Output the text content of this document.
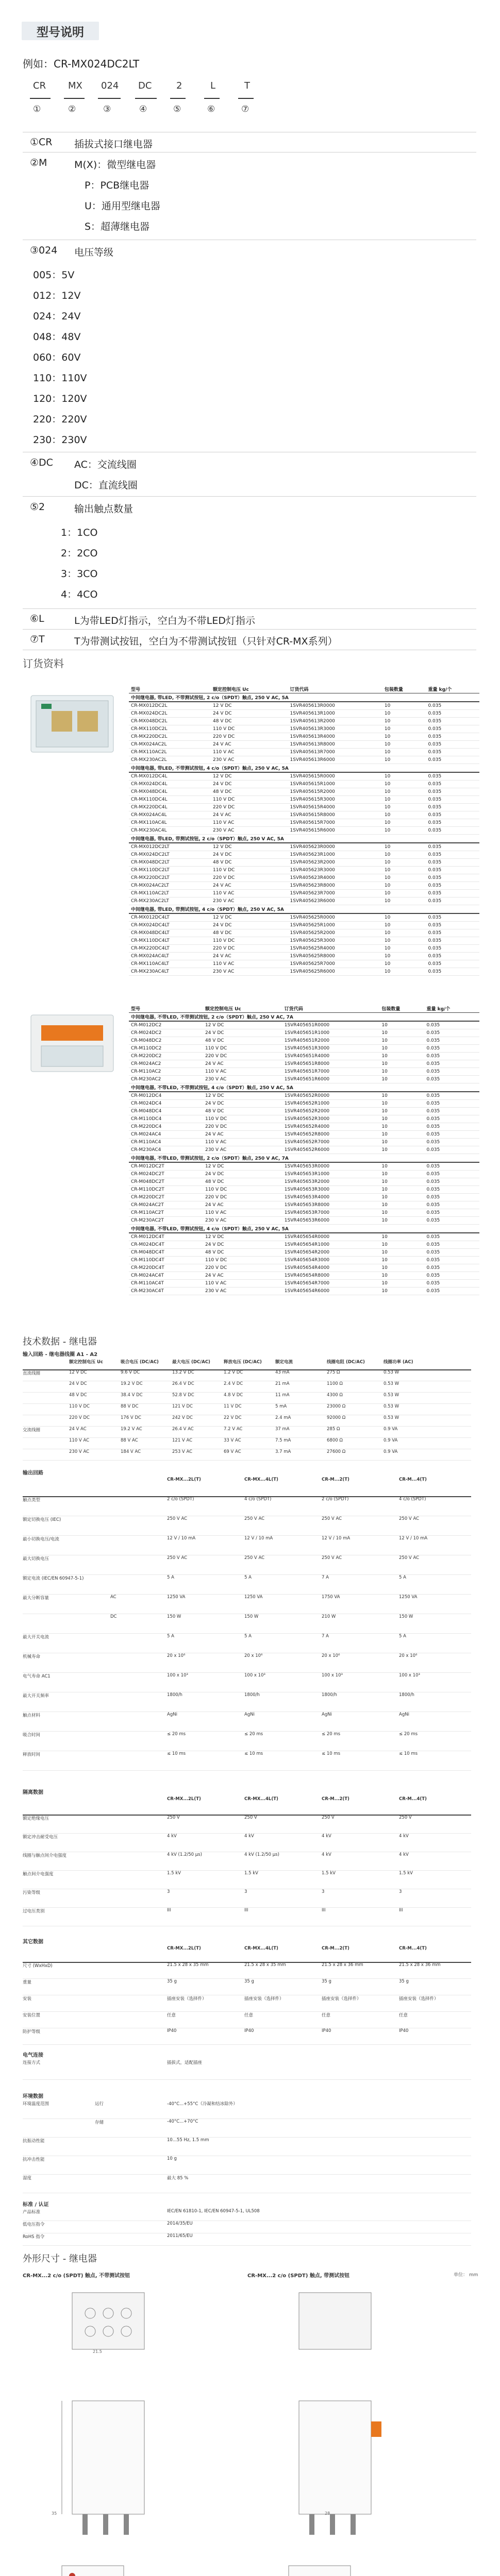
型号说明
例如：CR-MX024DC2LT
CR MX 024 DC	2	L	T
①	②	③	④	⑤	⑥	⑦
①CR 插拔式接口继电器
②M	M(X)：微型继电器
P：PCB继电器
U：通用型继电器
S：超薄继电器
③024 电压等级
005：5V
012：12V
024：24V
048：48V
060：60V
110：110V
120：120V
220：220V
230：230V
④DC AC：交流线圈
DC：直流线圈
⑤2	输出触点数量
1：1CO
2：2CO
3：3CO
4：4CO
⑥L	L为带LED灯指示，空白为不带LED灯指示
⑦T	T为带测试按钮，空白为不带测试按钮（只针对CR-MX系列）
订货资料
型号	额定控制电压 Uc	订货代码	包装数量	重量 kg/个
中间继电器, 带LED, 不带测试按钮, 2 c/o（SPDT）触点, 250 V AC, 5A				
CR-MX012DC2L	12 V DC	1SVR405613R0000	10	0.035
CR-MX024DC2L	24 V DC	1SVR405613R1000	10	0.035
CR-MX048DC2L	48 V DC	1SVR405613R2000	10	0.035
CR-MX110DC2L	110 V DC	1SVR405613R3000	10	0.035
CR-MX220DC2L	220 V DC	1SVR405613R4000	10	0.035
CR-MX024AC2L	24 V AC	1SVR405613R8000	10	0.035
CR-MX110AC2L	110 V AC	1SVR405613R7000	10	0.035
CR-MX230AC2L	230 V AC	1SVR405613R6000	10	0.035
中间继电器, 带LED, 不带测试按钮, 4 c/o（SPDT）触点, 250 V AC, 5A				
CR-MX012DC4L	12 V DC	1SVR405615R0000	10	0.035
CR-MX024DC4L	24 V DC	1SVR405615R1000	10	0.035
CR-MX048DC4L	48 V DC	1SVR405615R2000	10	0.035
CR-MX110DC4L	110 V DC	1SVR405615R3000	10	0.035
CR-MX220DC4L	220 V DC	1SVR405615R4000	10	0.035
CR-MX024AC4L	24 V AC	1SVR405615R8000	10	0.035
CR-MX110AC4L	110 V AC	1SVR405615R7000	10	0.035
CR-MX230AC4L	230 V AC	1SVR405615R6000	10	0.035
中间继电器, 带LED, 带测试按钮, 2 c/o（SPDT）触点, 250 V AC, 5A				
CR-MX012DC2LT	12 V DC	1SVR405623R0000	10	0.035
CR-MX024DC2LT	24 V DC	1SVR405623R1000	10	0.035
CR-MX048DC2LT	48 V DC	1SVR405623R2000	10	0.035
CR-MX110DC2LT	110 V DC	1SVR405623R3000	10	0.035
CR-MX220DC2LT	220 V DC	1SVR405623R4000	10	0.035
CR-MX024AC2LT	24 V AC	1SVR405623R8000	10	0.035
CR-MX110AC2LT	110 V AC	1SVR405623R7000	10	0.035
CR-MX230AC2LT	230 V AC	1SVR405623R6000	10	0.035
中间继电器, 带LED, 带测试按钮, 4 c/o（SPDT）触点, 250 V AC, 5A				
CR-MX012DC4LT	12 V DC	1SVR405625R0000	10	0.035
CR-MX024DC4LT	24 V DC	1SVR405625R1000	10	0.035
CR-MX048DC4LT	48 V DC	1SVR405625R2000	10	0.035
CR-MX110DC4LT	110 V DC	1SVR405625R3000	10	0.035
CR-MX220DC4LT	220 V DC	1SVR405625R4000	10	0.035
CR-MX024AC4LT	24 V AC	1SVR405625R8000	10	0.035
CR-MX110AC4LT	110 V AC	1SVR405625R7000	10	0.035
CR-MX230AC4LT	230 V AC	1SVR405625R6000	10	0.035
型号	额定控制电压 Uc	订货代码	包装数量	重量 kg/个
中间继电器, 不带LED, 不带测试按钮, 2 c/o（SPDT）触点, 250 V AC, 7A				
CR-M012DC2	12 V DC	1SVR405651R0000	10	0.035
CR-M024DC2	24 V DC	1SVR405651R1000	10	0.035
CR-M048DC2	48 V DC	1SVR405651R2000	10	0.035
CR-M110DC2	110 V DC	1SVR405651R3000	10	0.035
CR-M220DC2	220 V DC	1SVR405651R4000	10	0.035
CR-M024AC2	24 V AC	1SVR405651R8000	10	0.035
CR-M110AC2	110 V AC	1SVR405651R7000	10	0.035
CR-M230AC2	230 V AC	1SVR405651R6000	10	0.035
中间继电器, 不带LED, 不带测试按钮, 4 c/o（SPDT）触点, 250 V AC, 5A				
CR-M012DC4	12 V DC	1SVR405652R0000	10	0.035
CR-M024DC4	24 V DC	1SVR405652R1000	10	0.035
CR-M048DC4	48 V DC	1SVR405652R2000	10	0.035
CR-M110DC4	110 V DC	1SVR405652R3000	10	0.035
CR-M220DC4	220 V DC	1SVR405652R4000	10	0.035
CR-M024AC4	24 V AC	1SVR405652R8000	10	0.035
CR-M110AC4	110 V AC	1SVR405652R7000	10	0.035
CR-M230AC4	230 V AC	1SVR405652R6000	10	0.035
中间继电器, 不带LED, 带测试按钮, 2 c/o（SPDT）触点, 250 V AC, 7A				
CR-M012DC2T	12 V DC	1SVR405653R0000	10	0.035
CR-M024DC2T	24 V DC	1SVR405653R1000	10	0.035
CR-M048DC2T	48 V DC	1SVR405653R2000	10	0.035
CR-M110DC2T	110 V DC	1SVR405653R3000	10	0.035
CR-M220DC2T	220 V DC	1SVR405653R4000	10	0.035
CR-M024AC2T	24 V AC	1SVR405653R8000	10	0.035
CR-M110AC2T	110 V AC	1SVR405653R7000	10	0.035
CR-M230AC2T	230 V AC	1SVR405653R6000	10	0.035
中间继电器, 不带LED, 带测试按钮, 4 c/o（SPDT）触点, 250 V AC, 5A				
CR-M012DC4T	12 V DC	1SVR405654R0000	10	0.035
CR-M024DC4T	24 V DC	1SVR405654R1000	10	0.035
CR-M048DC4T	48 V DC	1SVR405654R2000	10	0.035
CR-M110DC4T	110 V DC	1SVR405654R3000	10	0.035
CR-M220DC4T	220 V DC	1SVR405654R4000	10	0.035
CR-M024AC4T	24 V AC	1SVR405654R8000	10	0.035
CR-M110AC4T	110 V AC	1SVR405654R7000	10	0.035
CR-M230AC4T	230 V AC	1SVR405654R6000	10	0.035
技术数据 - 继电器
输入回路 - 继电器线圈 A1 - A2
额定控制电压 Uc	吸合电压 (DC/AC)	最大电压 (DC/AC)	释放电压 (DC/AC)	额定电流	线圈电阻 (DC/AC)	线圈功率 (AC)
直流线圈	12 V DC	9.6 V DC	13.2 V DC	1.2 V DC	43 mA	275 Ω	0.53 W
24 V DC	19.2 V DC	26.4 V DC	2.4 V DC	21 mA	1100 Ω	0.53 W
48 V DC	38.4 V DC	52.8 V DC	4.8 V DC	11 mA	4300 Ω	0.53 W
110 V DC	88 V DC	121 V DC	11 V DC	5 mA	23000 Ω	0.53 W
220 V DC	176 V DC	242 V DC	22 V DC	2.4 mA	92000 Ω	0.53 W
交流线圈	24 V AC	19.2 V AC	26.4 V AC	7.2 V AC	37 mA	285 Ω	0.9 VA
110 V AC	88 V AC	121 V AC	33 V AC	7.5 mA	6800 Ω	0.9 VA
230 V AC	184 V AC	253 V AC	69 V AC	3.7 mA	27600 Ω	0.9 VA
输出回路
CR-MX...2L(T)	CR-MX...4L(T)	CR-M...2(T)	CR-M...4(T)
触点类型	2 c/o (SPDT)	4 c/o (SPDT)	2 c/o (SPDT)	4 c/o (SPDT)
额定切换电压 (IEC)	250 V AC	250 V AC	250 V AC	250 V AC
最小切换电压/电流	12 V / 10 mA	12 V / 10 mA	12 V / 10 mA	12 V / 10 mA
最大切换电压	250 V AC	250 V AC	250 V AC	250 V AC
额定电流 (IEC/EN 60947-5-1)	5 A	5 A	7 A	5 A
最大分断容量	AC	1250 VA	1250 VA	1750 VA	1250 VA
DC	150 W	150 W	210 W	150 W
最大开关电流	5 A	5 A	7 A	5 A
机械寿命	20 x 10⁶	20 x 10⁶	20 x 10⁶	20 x 10⁶
电气寿命 AC1	100 x 10³	100 x 10³	100 x 10³	100 x 10³
最大开关频率	1800/h	1800/h	1800/h	1800/h
触点材料	AgNi	AgNi	AgNi	AgNi
吸合时间	≤ 20 ms	≤ 20 ms	≤ 20 ms	≤ 20 ms
释放时间	≤ 10 ms	≤ 10 ms	≤ 10 ms	≤ 10 ms
隔离数据
CR-MX...2L(T)	CR-MX...4L(T)	CR-M...2(T)	CR-M...4(T)
额定绝缘电压	250 V	250 V	250 V	250 V
额定冲击耐受电压	4 kV	4 kV	4 kV	4 kV
线圈与触点间介电强度	4 kV (1.2/50 μs)	4 kV (1.2/50 μs)	4 kV	4 kV
触点间介电强度	1.5 kV	1.5 kV	1.5 kV	1.5 kV
污染等级	3	3	3	3
过电压类别	III	III	III	III
其它数据
CR-MX...2L(T)	CR-MX...4L(T)	CR-M...2(T)	CR-M...4(T)
尺寸 (WxHxD)	21.5 x 28 x 35 mm	21.5 x 28 x 35 mm	21.5 x 28 x 36 mm	21.5 x 28 x 36 mm
重量	35 g	35 g	35 g	35 g
安装	插座安装（选择件）	插座安装（选择件）	插座安装（选择件）	插座安装（选择件）
安装位置	任意	任意	任意	任意
防护等级	IP40	IP40	IP40	IP40
电气连接
连接方式	插拔式，适配插座
环境数据
环境温度范围	运行	-40°C...+55°C（冷凝和结冰除外）
存储	-40°C...+70°C
抗振动性能	10...55 Hz, 1.5 mm
抗冲击性能	10 g
湿度	最大 85 %
标准 / 认证
产品标准	IEC/EN 61810-1, IEC/EN 60947-5-1, UL508
低电压指令	2014/35/EU
RoHS 指令	2011/65/EU
外形尺寸 - 继电器
CR-MX...2 c/o (SPDT) 触点, 不带测试按钮	CR-MX...2 c/o (SPDT) 触点, 带测试按钮	单位： mm
35
21.5
28
